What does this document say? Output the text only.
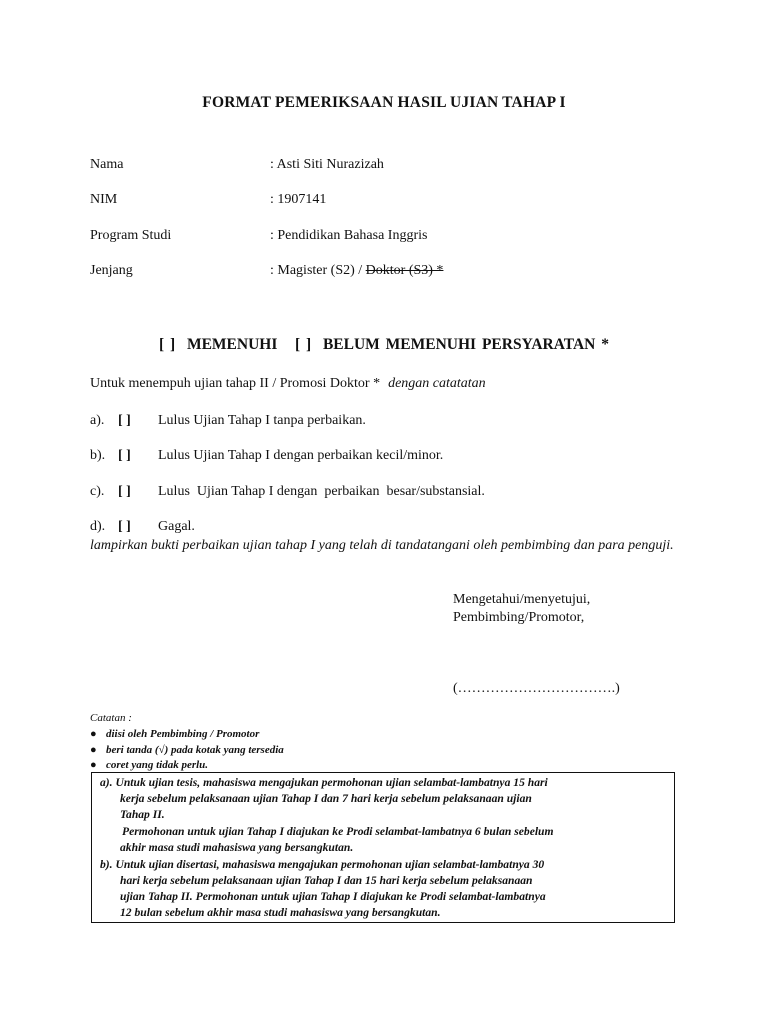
FORMAT PEMERIKSAAN HASIL UJIAN TAHAP I
Nama	: Asti Siti Nurazizah
NIM	: 1907141
Program Studi	: Pendidikan Bahasa Inggris
Jenjang	: Magister (S2) / Doktor (S3) *
[ ]  MEMENUHI   [ ]  BELUM MEMENUHI PERSYARATAN *
Untuk menempuh ujian tahap II / Promosi Doktor * dengan catatatan
a). [ ] Lulus Ujian Tahap I tanpa perbaikan.
b). [ ] Lulus Ujian Tahap I dengan perbaikan kecil/minor.
c). [ ] Lulus  Ujian Tahap I dengan  perbaikan  besar/substansial.
d). [ ] Gagal.
lampirkan bukti perbaikan ujian tahap I yang telah di tandatangani oleh pembimbing dan para penguji.
Mengetahui/menyetujui,
Pembimbing/Promotor,
(…………………………….)
Catatan :
● diisi oleh Pembimbing / Promotor
● beri tanda (√) pada kotak yang tersedia
● coret yang tidak perlu.
a). Untuk ujian tesis, mahasiswa mengajukan permohonan ujian selambat-lambatnya 15 hari
kerja sebelum pelaksanaan ujian Tahap I dan 7 hari kerja sebelum pelaksanaan ujian
Tahap II.
Permohonan untuk ujian Tahap I diajukan ke Prodi selambat-lambatnya 6 bulan sebelum
akhir masa studi mahasiswa yang bersangkutan.
b). Untuk ujian disertasi, mahasiswa mengajukan permohonan ujian selambat-lambatnya 30
hari kerja sebelum pelaksanaan ujian Tahap I dan 15 hari kerja sebelum pelaksanaan
ujian Tahap II. Permohonan untuk ujian Tahap I diajukan ke Prodi selambat-lambatnya
12 bulan sebelum akhir masa studi mahasiswa yang bersangkutan.
